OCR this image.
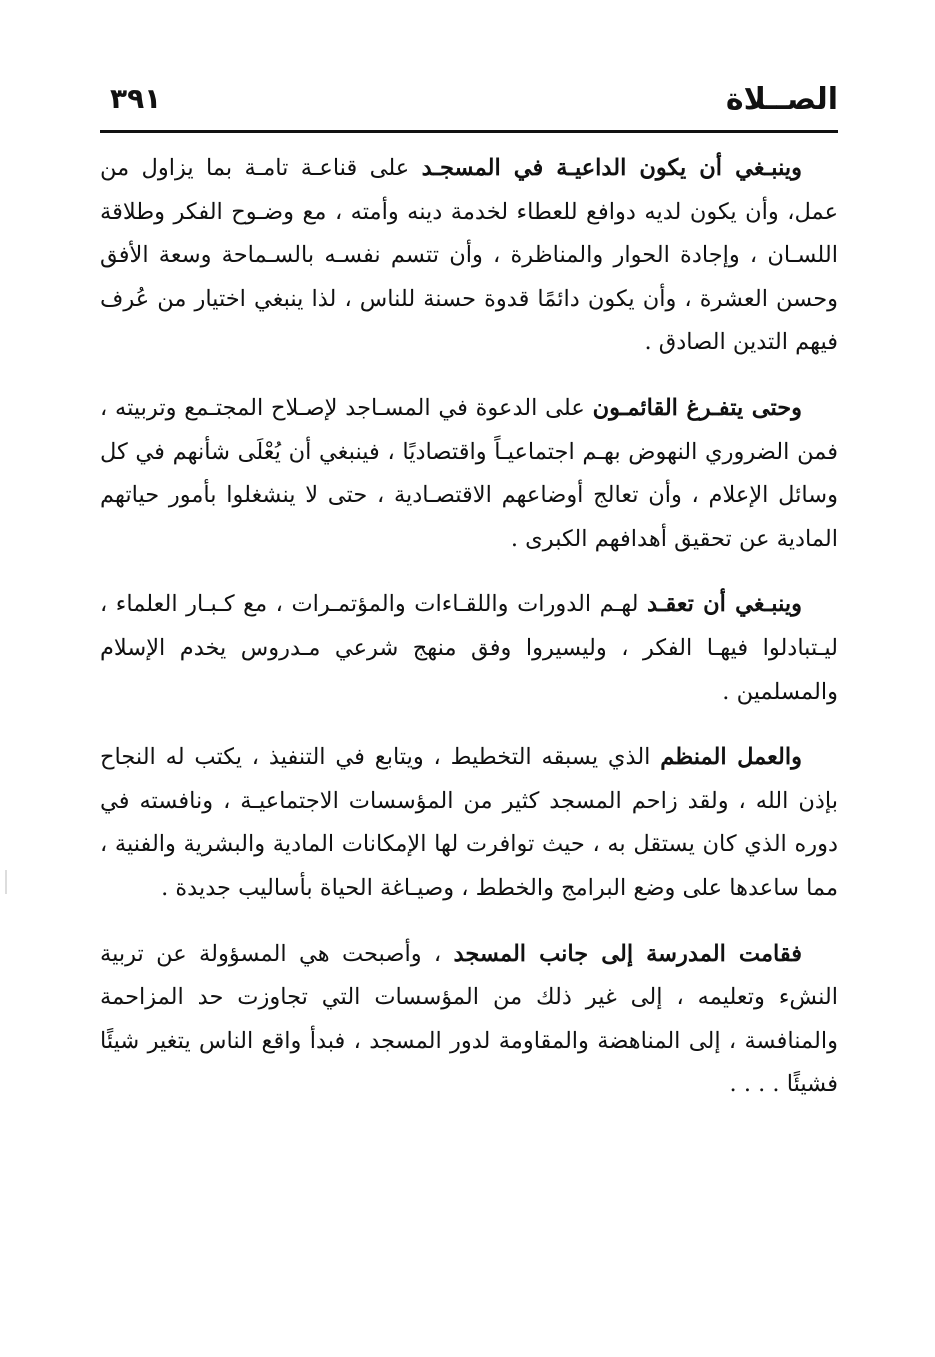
الصــلاة
٣٩١

وينبـغي أن يكون الداعيـة في المسجـد على قناعـة تامـة بما يزاول من عمل، وأن يكون لديه دوافع للعطاء لخدمة دينه وأمته ، مع وضـوح الفكر وطلاقة اللسـان ، وإجادة الحوار والمناظرة ، وأن تتسم نفسـه بالسـماحة وسعة الأفق وحسن العشرة ، وأن يكون دائمًا قدوة حسنة للناس ، لذا ينبغي اختيار من عُرف فيهم التدين الصادق .

وحتى يتفـرغ القائمـون على الدعوة في المسـاجد لإصـلاح المجتـمع وتربيته ، فمن الضروري النهوض بهـم اجتماعيـاً واقتصاديًا ، فينبغي أن يُعْلَى شأنهم في كل وسائل الإعلام ، وأن تعالج أوضاعهم الاقتصـادية ، حتى لا ينشغلوا بأمور حياتهم المادية عن تحقيق أهدافهم الكبرى .

وينبـغي أن تعقـد لهـم الدورات واللقـاءات والمؤتمـرات ، مع كـبـار العلماء ، ليـتبادلوا فيهـا الفكر ، وليسيروا وفق منهج شرعي مـدروس يخدم الإسلام والمسلمين .

والعمل المنظم الذي يسبقه التخطيط ، ويتابع في التنفيذ ، يكتب له النجاح بإذن الله ، ولقد زاحم المسجد كثير من المؤسسات الاجتماعيـة ، ونافسته في دوره الذي كان يستقل به ، حيث توافرت لها الإمكانات المادية والبشرية والفنية ، مما ساعدها على وضع البرامج والخطط ، وصيـاغة الحياة بأساليب جديدة .

فقامت المدرسة إلى جانب المسجد ، وأصبحت هي المسؤولة عن تربية النشء وتعليمه ، إلى غير ذلك من المؤسسات التي تجاوزت حد المزاحمة والمنافسة ، إلى المناهضة والمقاومة لدور المسجد ، فبدأ واقع الناس يتغير شيئًا فشيئًا . . . .
